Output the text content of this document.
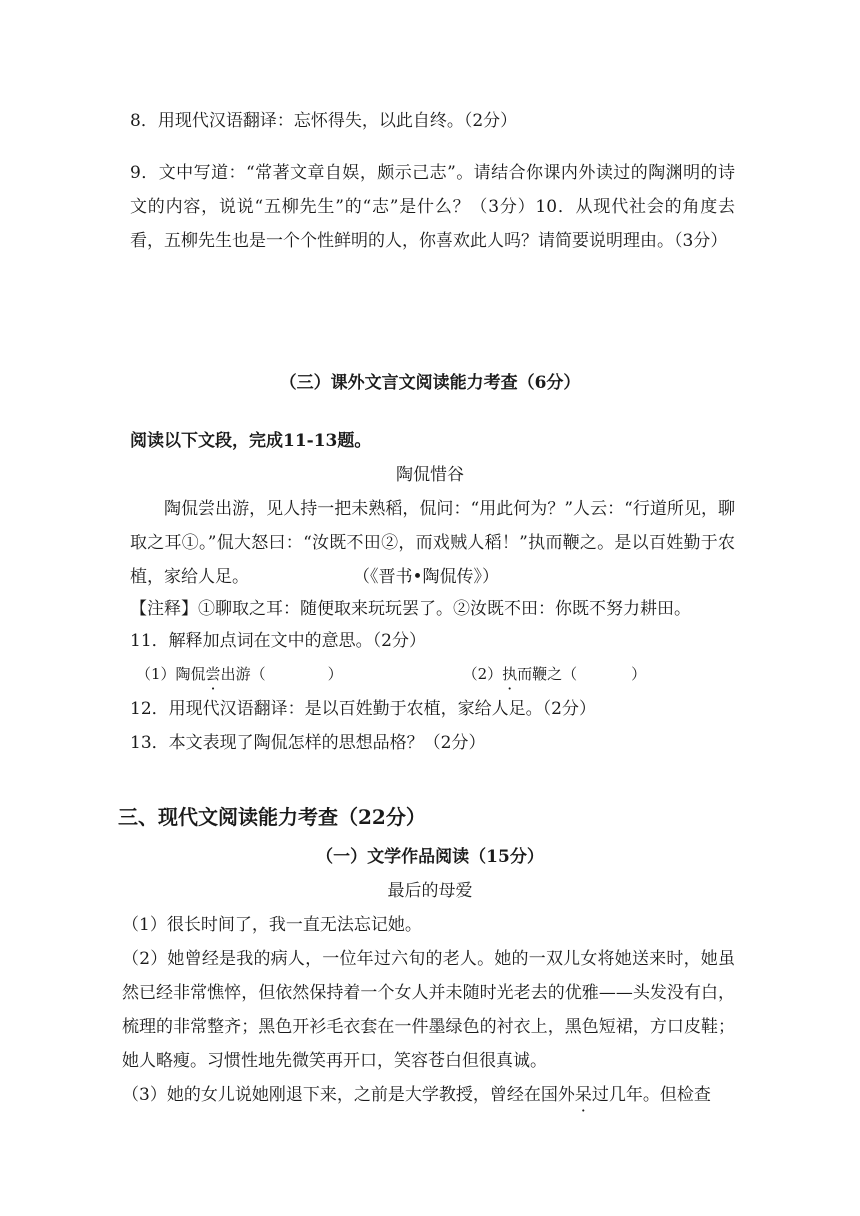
8．用现代汉语翻译：忘怀得失，以此自终。（2分）
9．文中写道：“常著文章自娱，颇示己志”。请结合你课内外读过的陶渊明的诗文的内容，说说“五柳先生”的“志”是什么？（3分）10．从现代社会的角度去看，五柳先生也是一个个性鲜明的人，你喜欢此人吗？请简要说明理由。（3分）
（三）课外文言文阅读能力考查（6分）
阅读以下文段，完成11-13题。
陶侃惜谷
陶侃尝出游，见人持一把未熟稻，侃问：“用此何为？”人云：“行道所见，聊取之耳①。”侃大怒曰：“汝既不田②，而戏贼人稻！”执而鞭之。是以百姓勤于农植，家给人足。	（《晋书•陶侃传》）
【注释】①聊取之耳：随便取来玩玩罢了。②汝既不田：你既不努力耕田。
11．解释加点词在文中的意思。（2分）
（1）陶侃尝出游（	）	（2）执而鞭之（	）
12．用现代汉语翻译：是以百姓勤于农植，家给人足。（2分）
13．本文表现了陶侃怎样的思想品格？（2分）
三、现代文阅读能力考查（22分）
（一）文学作品阅读（15分）
最后的母爱
（1）很长时间了，我一直无法忘记她。
（2）她曾经是我的病人，一位年过六旬的老人。她的一双儿女将她送来时，她虽然已经非常憔悴，但依然保持着一个女人并未随时光老去的优雅——头发没有白，梳理的非常整齐；黑色开衫毛衣套在一件墨绿色的衬衣上，黑色短裙，方口皮鞋；她人略瘦。习惯性地先微笑再开口，笑容苍白但很真诚。
（3）她的女儿说她刚退下来，之前是大学教授，曾经在国外呆过几年。但检查
